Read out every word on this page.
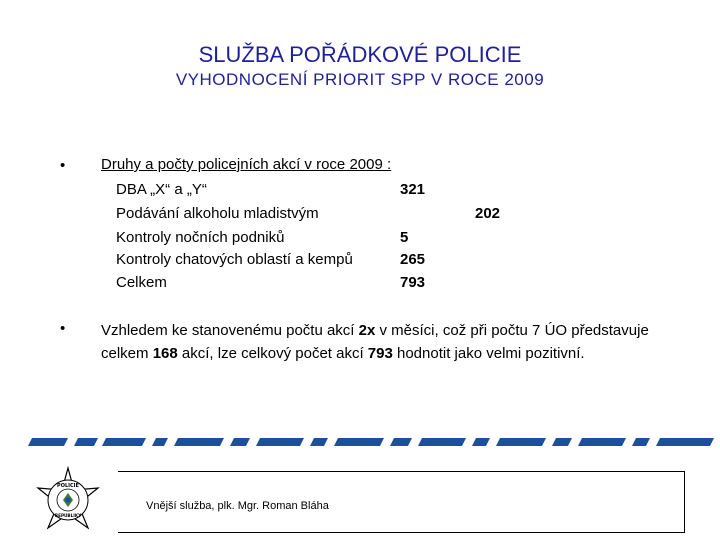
SLUŽBA POŘÁDKOVÉ POLICIE
VYHODNOCENÍ PRIORIT SPP V ROCE 2009
• Druhy a počty policejních akcí v roce 2009 :
DBA „X“ a „Y“	321
Podávání alkoholu mladistvým	202
Kontroly nočních podniků	5
Kontroly chatových oblastí a kempů	265
Celkem	793
• Vzhledem ke stanovenému počtu akcí 2x v měsíci, což při počtu 7 ÚO představuje celkem 168 akcí, lze celkový počet akcí 793 hodnotit jako velmi pozitivní.
POLICIE
REPUBLIKY
Vnější služba, plk. Mgr. Roman Bláha
